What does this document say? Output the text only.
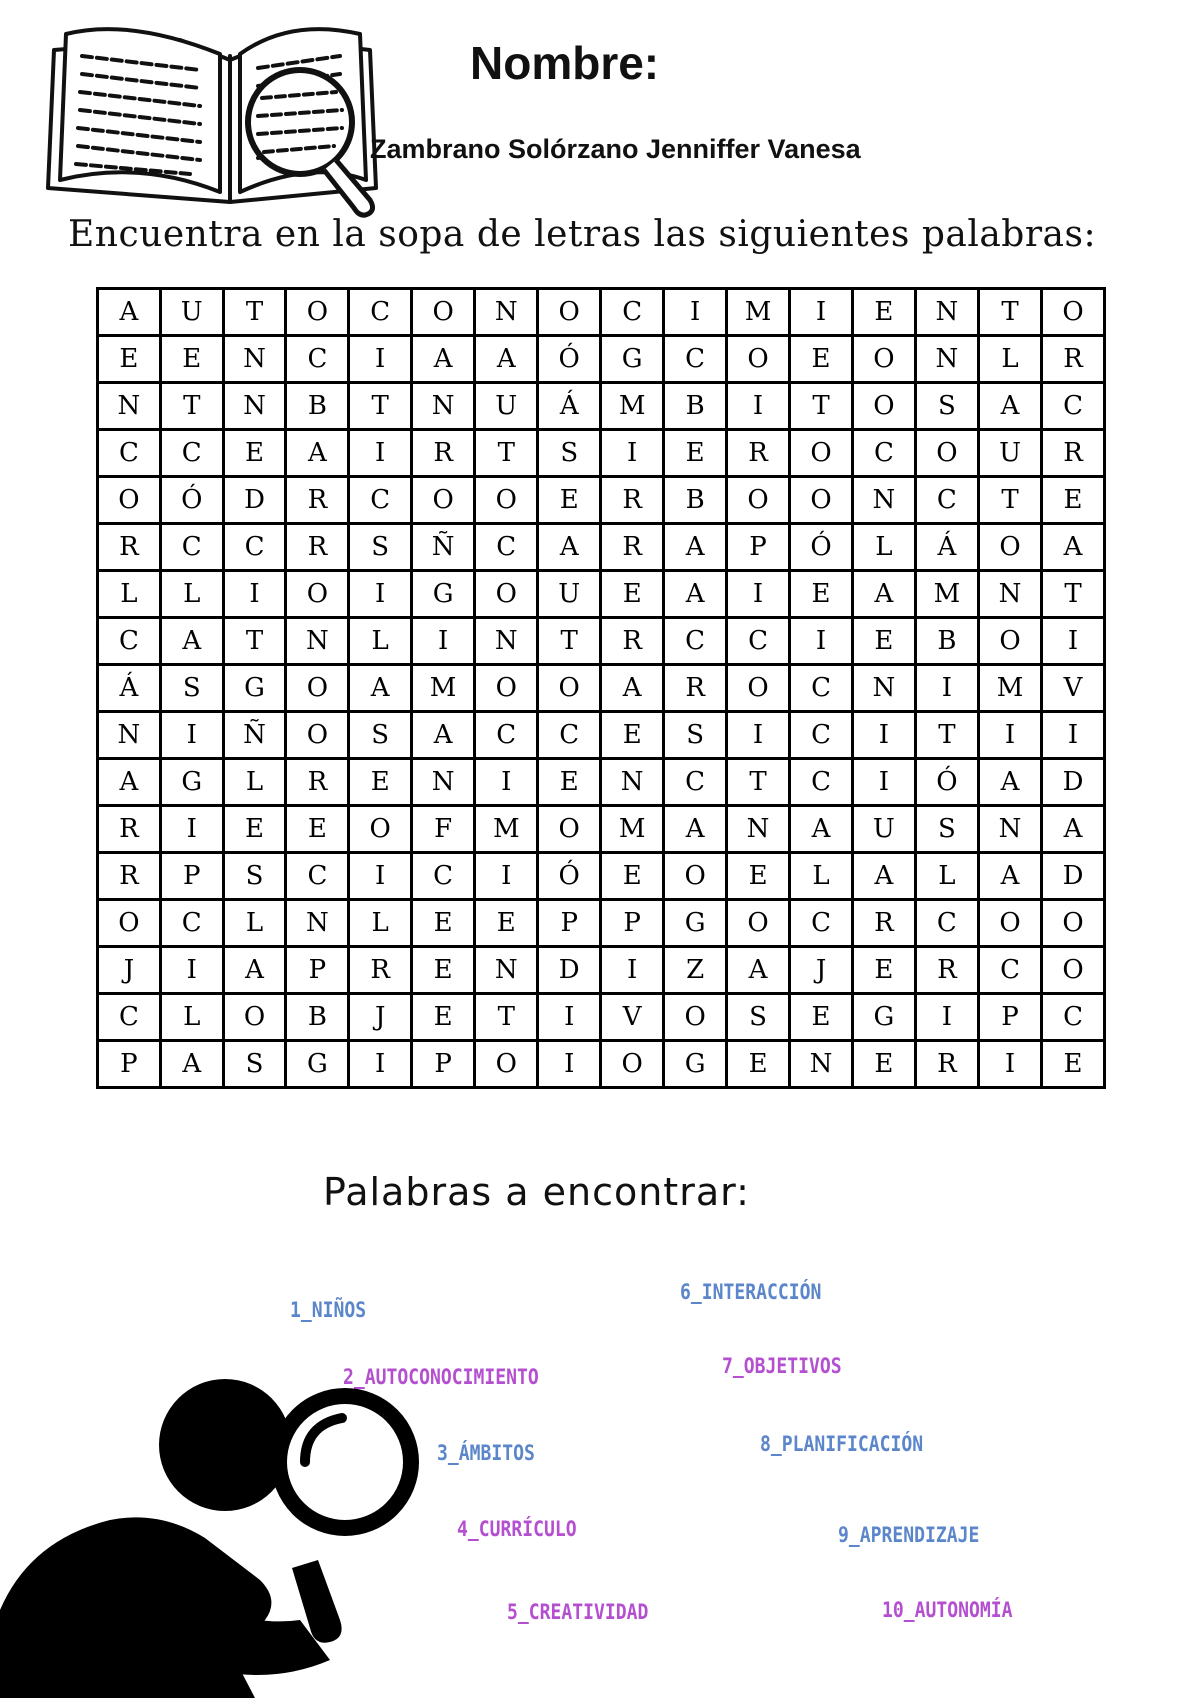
Nombre:
Zambrano Solórzano Jenniffer Vanesa
Encuentra en la sopa de letras las siguientes palabras:
A	U	T	O	C	O	N	O	C	I	M	I	E	N	T	O
E	E	N	C	I	A	A	Ó	G	C	O	E	O	N	L	R
N	T	N	B	T	N	U	Á	M	B	I	T	O	S	A	C
C	C	E	A	I	R	T	S	I	E	R	O	C	O	U	R
O	Ó	D	R	C	O	O	E	R	B	O	O	N	C	T	E
R	C	C	R	S	Ñ	C	A	R	A	P	Ó	L	Á	O	A
L	L	I	O	I	G	O	U	E	A	I	E	A	M	N	T
C	A	T	N	L	I	N	T	R	C	C	I	E	B	O	I
Á	S	G	O	A	M	O	O	A	R	O	C	N	I	M	V
N	I	Ñ	O	S	A	C	C	E	S	I	C	I	T	I	I
A	G	L	R	E	N	I	E	N	C	T	C	I	Ó	A	D
R	I	E	E	O	F	M	O	M	A	N	A	U	S	N	A
R	P	S	C	I	C	I	Ó	E	O	E	L	A	L	A	D
O	C	L	N	L	E	E	P	P	G	O	C	R	C	O	O
J	I	A	P	R	E	N	D	I	Z	A	J	E	R	C	O
C	L	O	B	J	E	T	I	V	O	S	E	G	I	P	C
P	A	S	G	I	P	O	I	O	G	E	N	E	R	I	E
Palabras a encontrar:
1_NIÑOS
2_AUTOCONOCIMIENTO
3_ÁMBITOS
4_CURRÍCULO
5_CREATIVIDAD
6_INTERACCIÓN
7_OBJETIVOS
8_PLANIFICACIÓN
9_APRENDIZAJE
10_AUTONOMÍA
